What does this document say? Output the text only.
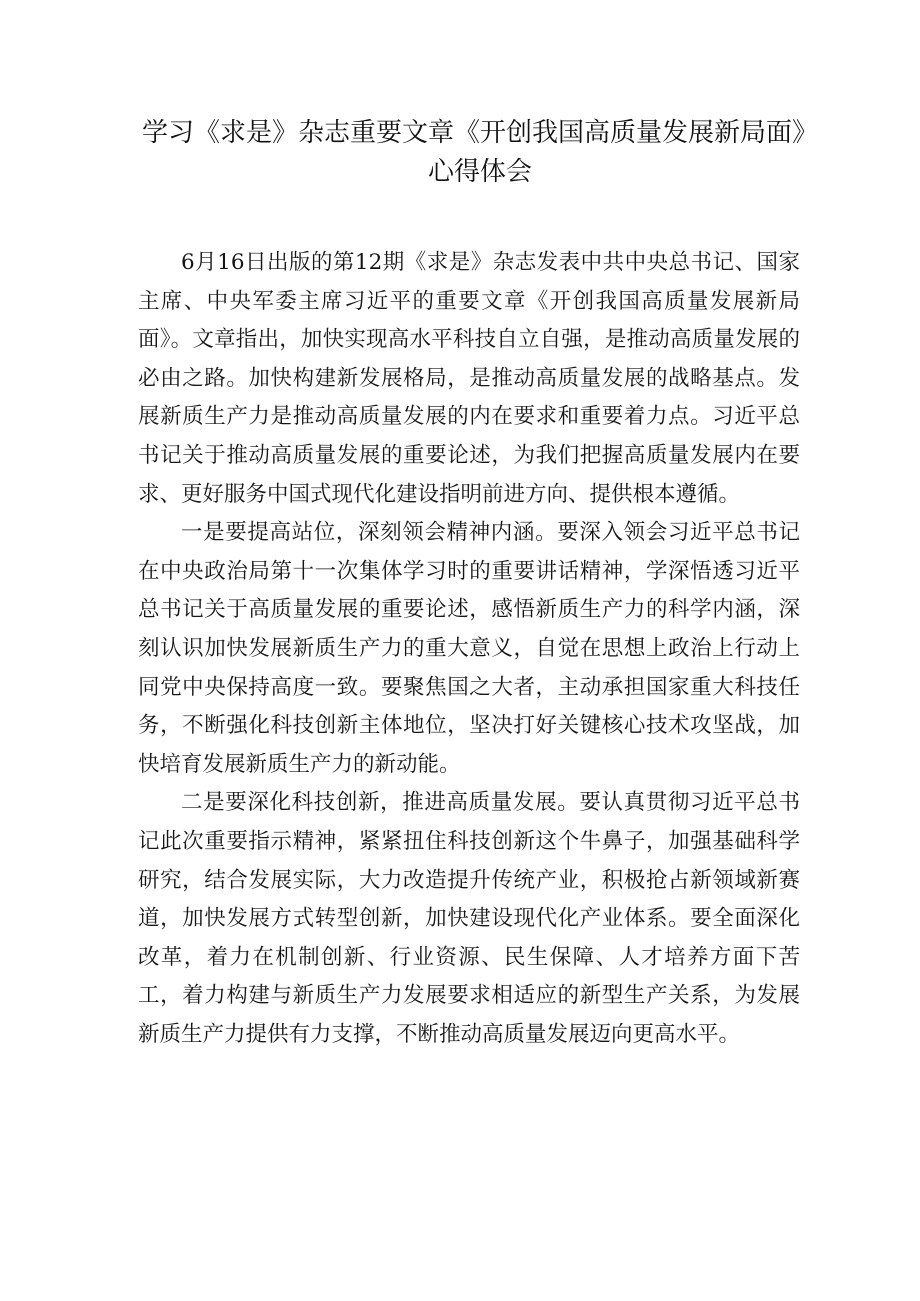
学习《求是》杂志重要文章《开创我国高质量发展新局面》
心得体会

6月16日出版的第12期《求是》杂志发表中共中央总书记、国家主席、中央军委主席习近平的重要文章《开创我国高质量发展新局面》。文章指出，加快实现高水平科技自立自强，是推动高质量发展的必由之路。加快构建新发展格局，是推动高质量发展的战略基点。发展新质生产力是推动高质量发展的内在要求和重要着力点。习近平总书记关于推动高质量发展的重要论述，为我们把握高质量发展内在要求、更好服务中国式现代化建设指明前进方向、提供根本遵循。

一是要提高站位，深刻领会精神内涵。要深入领会习近平总书记在中央政治局第十一次集体学习时的重要讲话精神，学深悟透习近平总书记关于高质量发展的重要论述，感悟新质生产力的科学内涵，深刻认识加快发展新质生产力的重大意义，自觉在思想上政治上行动上同党中央保持高度一致。要聚焦国之大者，主动承担国家重大科技任务，不断强化科技创新主体地位，坚决打好关键核心技术攻坚战，加快培育发展新质生产力的新动能。

二是要深化科技创新，推进高质量发展。要认真贯彻习近平总书记此次重要指示精神，紧紧扭住科技创新这个牛鼻子，加强基础科学研究，结合发展实际，大力改造提升传统产业，积极抢占新领域新赛道，加快发展方式转型创新，加快建设现代化产业体系。要全面深化改革，着力在机制创新、行业资源、民生保障、人才培养方面下苦工，着力构建与新质生产力发展要求相适应的新型生产关系，为发展新质生产力提供有力支撑，不断推动高质量发展迈向更高水平。
